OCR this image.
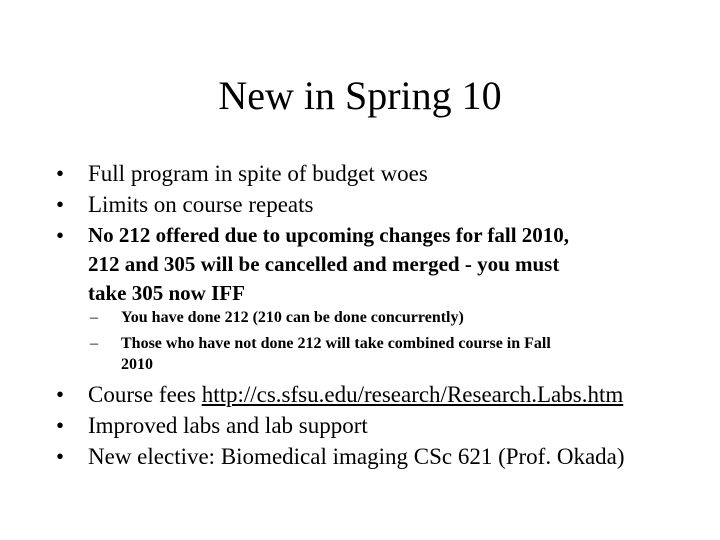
New in Spring 10
• Full program in spite of budget woes
• Limits on course repeats
• No 212 offered due to upcoming changes for fall 2010,
212 and 305 will be cancelled and merged - you must
take 305 now IFF
– You have done 212 (210 can be done concurrently)
– Those who have not done 212 will take combined course in Fall
2010
• Course fees http://cs.sfsu.edu/research/Research.Labs.htm
• Improved labs and lab support
• New elective: Biomedical imaging CSc 621 (Prof. Okada)
